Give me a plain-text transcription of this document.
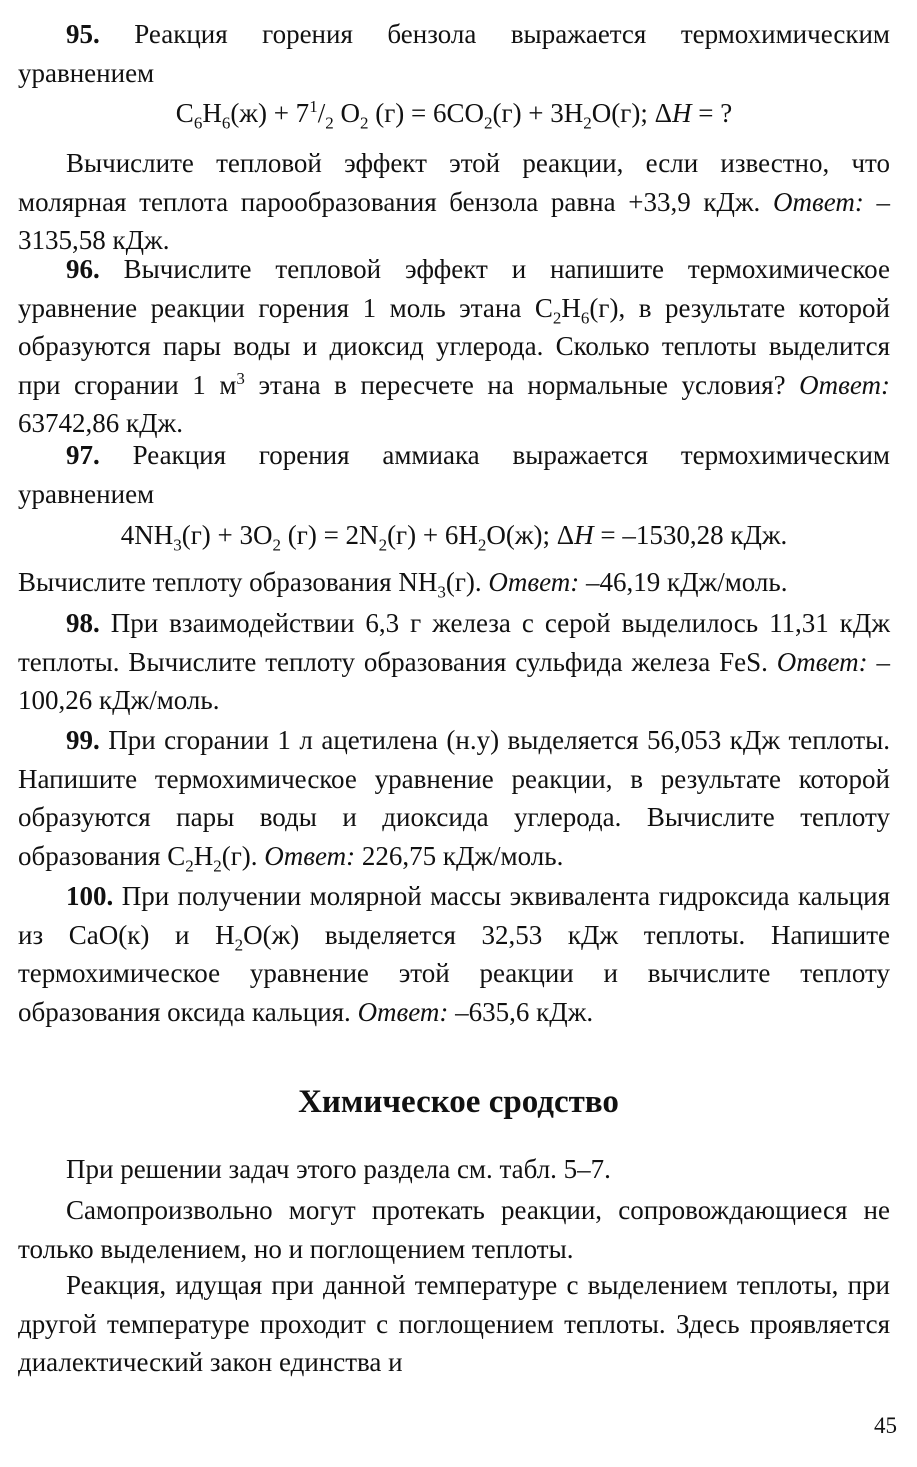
95. Реакция горения бензола выражается термохимическим уравнением

$C_6H_6(ж) + 7^1/_2$ $O_2$ $(г) = 6CO_2(г) + 3H_2O(г)$; ΔH = ?

Вычислите тепловой эффект этой реакции, если известно, что молярная теплота парообразования бензола равна +33,9 кДж. Ответ: –3135,58 кДж.

96. Вычислите тепловой эффект и напишите термохимическое уравнение реакции горения 1 моль этана $C_2H_6(г)$, в результате которой образуются пары воды и диоксид углерода. Сколько теплоты выделится при сгорании 1 $м^3$ этана в пересчете на нормальные условия? Ответ: 63742,86 кДж.

97. Реакция горения аммиака выражается термохимическим уравнением

$4NH_3(г) + 3O_2$ $(г) = 2N_2(г) + 6H_2O(ж)$; ΔH = –1530,28 кДж.

Вычислите теплоту образования $NH_3(г)$. Ответ: –46,19 кДж/моль.

98. При взаимодействии 6,3 г железа с серой выделилось 11,31 кДж теплоты. Вычислите теплоту образования сульфида железа FeS. Ответ: –100,26 кДж/моль.

99. При сгорании 1 л ацетилена (н.у) выделяется 56,053 кДж теплоты. Напишите термохимическое уравнение реакции, в результате которой образуются пары воды и диоксида углерода. Вычислите теплоту образования $C_2H_2(г)$. Ответ: 226,75 кДж/моль.

100. При получении молярной массы эквивалента гидроксида кальция из CaO(к) и $H_2O(ж)$ выделяется 32,53 кДж теплоты. Напишите термохимическое уравнение этой реакции и вычислите теплоту образования оксида кальция. Ответ: –635,6 кДж.

Химическое сродство

При решении задач этого раздела см. табл. 5–7.

Самопроизвольно могут протекать реакции, сопровождающиеся не только выделением, но и поглощением теплоты.

Реакция, идущая при данной температуре с выделением теплоты, при другой температуре проходит с поглощением теплоты. Здесь проявляется диалектический закон единства и

45
